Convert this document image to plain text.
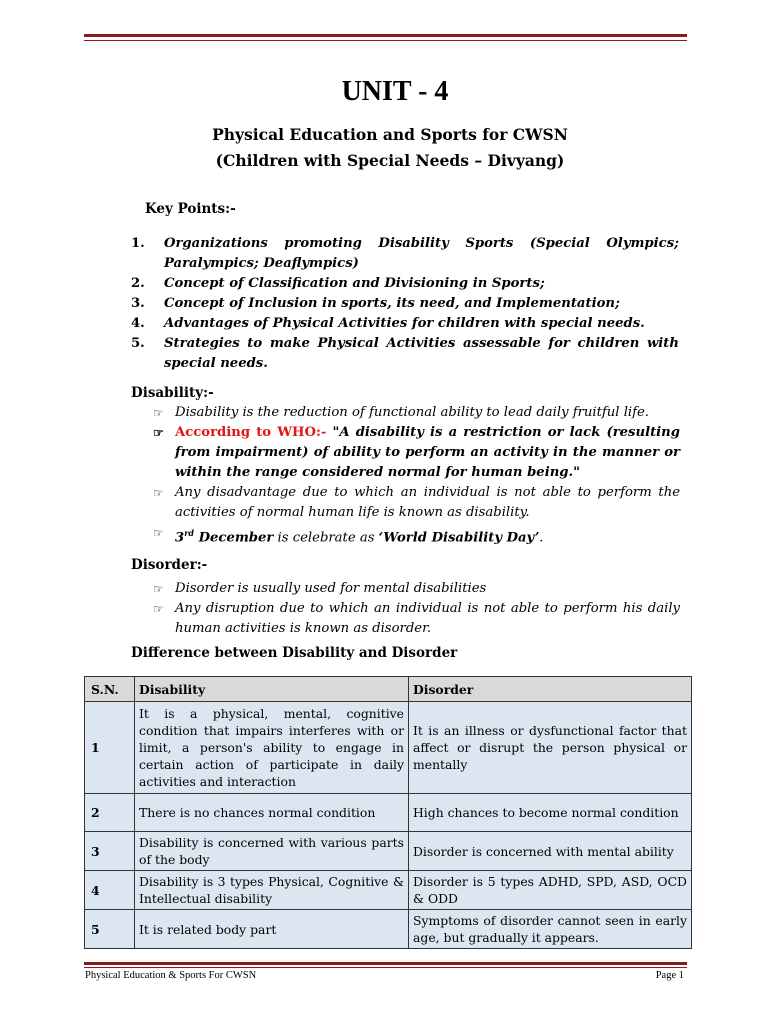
UNIT - 4
Physical Education and Sports for CWSN
(Children with Special Needs – Divyang)
Key Points:-
1. Organizations promoting Disability Sports (Special Olympics; Paralympics; Deaflympics)
2. Concept of Classification and Divisioning in Sports;
3. Concept of Inclusion in sports, its need, and Implementation;
4. Advantages of Physical Activities for children with special needs.
5. Strategies to make Physical Activities assessable for children with special needs.
Disability:-
☞ Disability is the reduction of functional ability to lead daily fruitful life.
☞ According to WHO:- "A disability is a restriction or lack (resulting from impairment) of ability to perform an activity in the manner or within the range considered normal for human being."
☞ Any disadvantage due to which an individual is not able to perform the activities of normal human life is known as disability.
☞ 3rd December is celebrate as ‘World Disability Day’.
Disorder:-
☞ Disorder is usually used for mental disabilities
☞ Any disruption due to which an individual is not able to perform his daily human activities is known as disorder.
Difference between Disability and Disorder
S.N.	Disability	Disorder
1	It is a physical, mental, cognitive condition that impairs interferes with or limit, a person's ability to engage in certain action of participate in daily activities and interaction	It is an illness or dysfunctional factor that affect or disrupt the person physical or mentally
2	There is no chances normal condition	High chances to become normal condition
3	Disability is concerned with various parts of the body	Disorder is concerned with mental ability
4	Disability is 3 types Physical, Cognitive & Intellectual disability	Disorder is 5 types ADHD, SPD, ASD, OCD & ODD
5	It is related body part	Symptoms of disorder cannot seen in early age, but gradually it appears.
Physical Education & Sports For CWSN	Page 1
